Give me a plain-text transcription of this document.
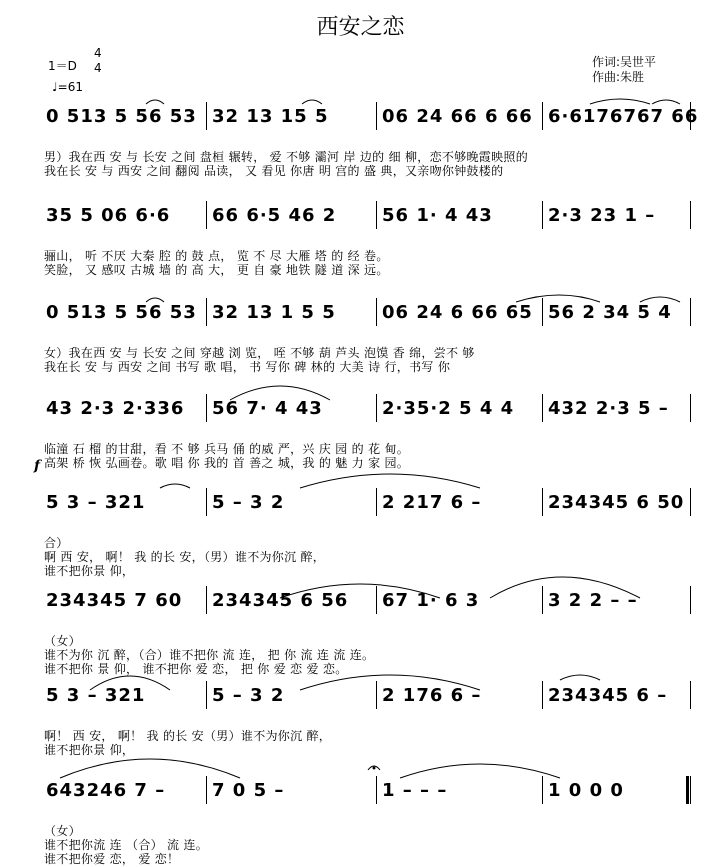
西安之恋
1＝D
4
4
♩=61
作词:吴世平
作曲:朱胜
f
0 513 5 56 53 32 13 15 5	06 24 66 6 66 6·6176767 66
男）我在西 安 与 长安 之间 盘桓 辗转， 爱 不够 灞河 岸 边的 细 柳，恋不够晚霞映照的
我在长 安 与 西安 之间 翻阅 品读， 又 看见 你唐 明 宫的 盛 典，又亲吻你钟鼓楼的
35 5 06 6·6 66 6·5 46 2	56 1· 4 43	2·3 23 1 –
骊山， 听 不厌 大秦 腔 的 鼓 点， 览 不 尽 大雁 塔 的 经 卷。
笑脸， 又 感叹 古城 墙 的 高 大， 更 自 豪 地铁 隧 道 深 远。
0 513 5 56 53 32 13 1 5 5	06 24 6 66 65 56 2 34 5 4
女）我在西 安 与 长安 之间 穿越 浏 览， 咥 不够 葫 芦头 泡馍 香 绵，尝不 够
我在长 安 与 西安 之间 书写 歌 唱， 书 写你 碑 林的 大美 诗 行，书写 你
43 2·3 2·336 56 7· 4 43	2·35·2 5 4 4 432 2·3 5 –
临潼 石 榴 的甘甜，看 不 够 兵马 俑 的威 严，兴 庆 园 的 花 甸。
高架 桥 恢 弘画卷。歌 唱 你 我的 首 善之 城，我 的 魅 力 家 园。
5 3 – 321	5 – 3 2	2 217 6 –	234345 6 50
合）
啊 西 安， 啊！ 我 的长 安，（男）谁不为你沉 醉，
谁不把你景 仰，
234345 7 60 234345 6 56 67 1· 6 3	3 2 2 – –
（女）
谁不为你 沉 醉，（合）谁不把你 流 连， 把 你 流 连 流 连。
谁不把你 景 仰， 谁不把你 爱 恋， 把 你 爱 恋 爱 恋。
5 3 – 321	5 – 3 2	2 176 6 –	234345 6 –
啊！ 西 安， 啊！ 我 的长 安（男）谁不为你沉 醉，
谁不把你景 仰，
643246 7 –	7 0 5 –	1 – – –	1 0 0 0
（女）
谁不把你流 连 （合） 流 连。
谁不把你爱 恋， 爱 恋！
